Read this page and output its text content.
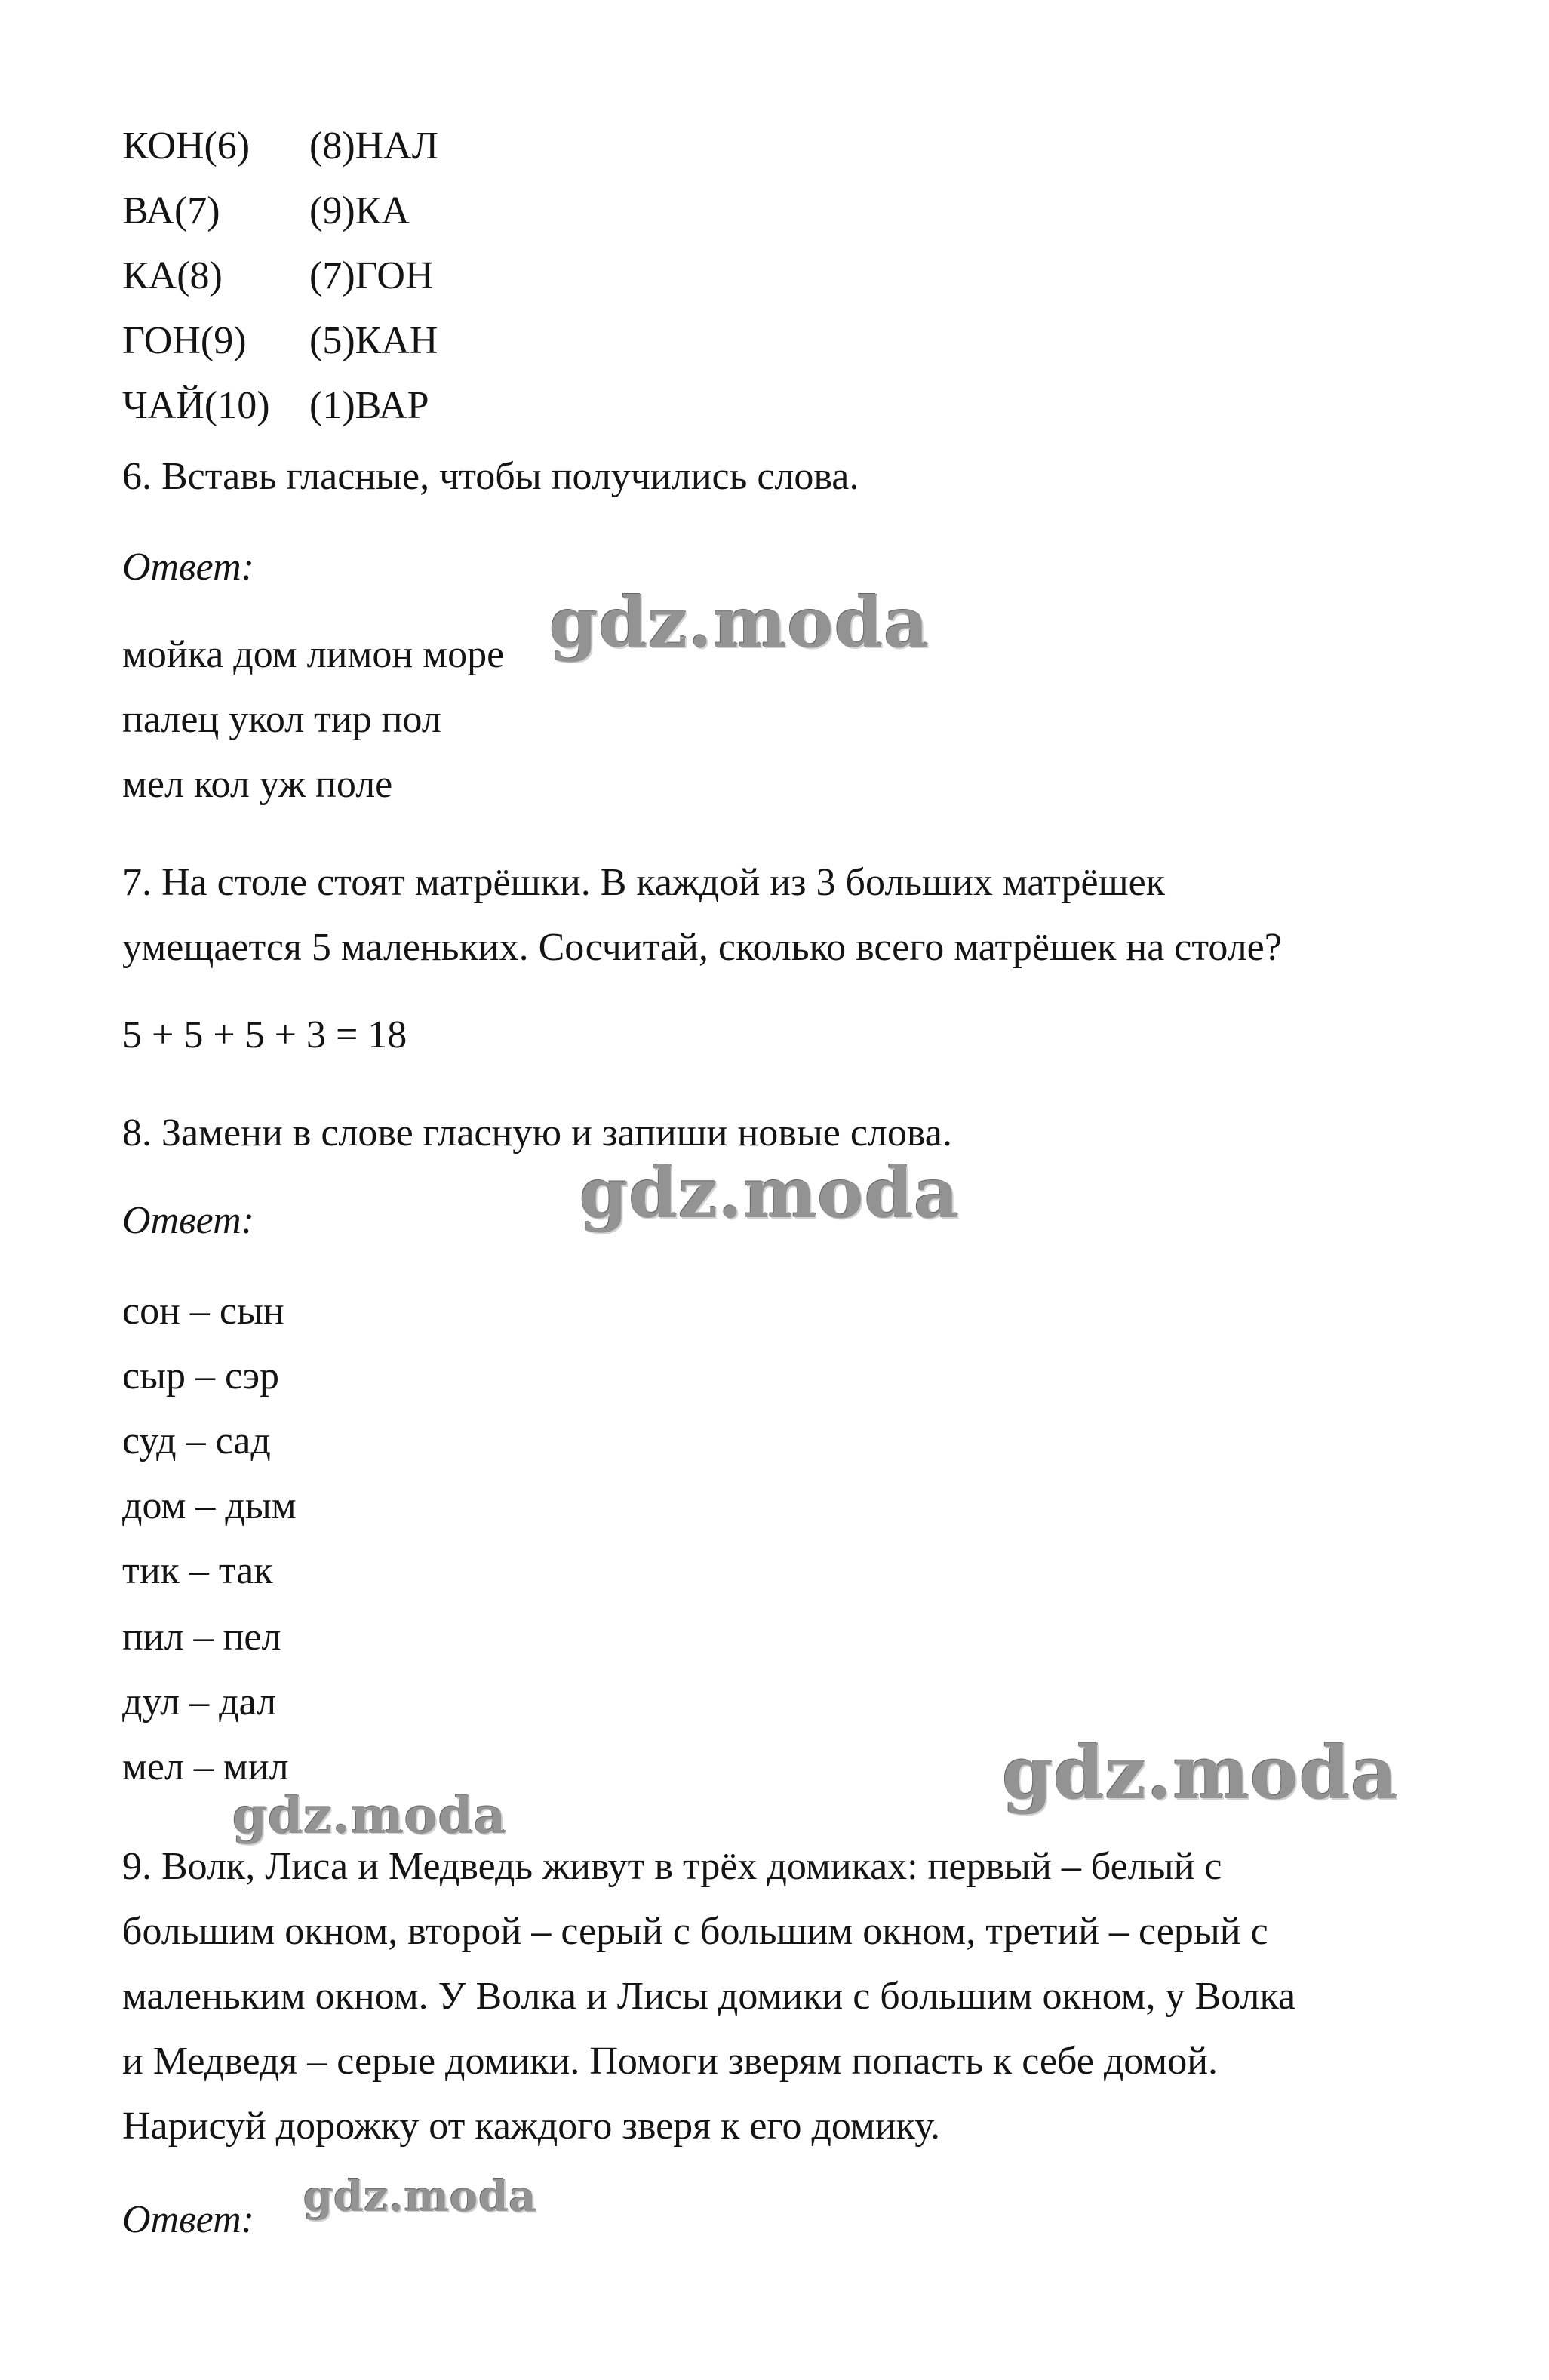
КОН(6) (8)НАЛ
ВА(7) (9)КА
КА(8) (7)ГОН
ГОН(9) (5)КАН
ЧАЙ(10) (1)ВАР
6. Вставь гласные, чтобы получились слова.
Ответ:
мойка дом лимон море
палец укол тир пол
мел кол уж поле
7. На столе стоят матрёшки. В каждой из 3 больших матрёшек
умещается 5 маленьких. Сосчитай, сколько всего матрёшек на столе?
5 + 5 + 5 + 3 = 18
8. Замени в слове гласную и запиши новые слова.
Ответ:
сон – сын
сыр – сэр
суд – сад
дом – дым
тик – так
пил – пел
дул – дал
мел – мил
9. Волк, Лиса и Медведь живут в трёх домиках: первый – белый с
большим окном, второй – серый с большим окном, третий – серый с
маленьким окном. У Волка и Лисы домики с большим окном, у Волка
и Медведя – серые домики. Помоги зверям попасть к себе домой.
Нарисуй дорожку от каждого зверя к его домику.
Ответ:
gdz.moda
gdz.moda
gdz.moda
gdz.moda
gdz.moda
